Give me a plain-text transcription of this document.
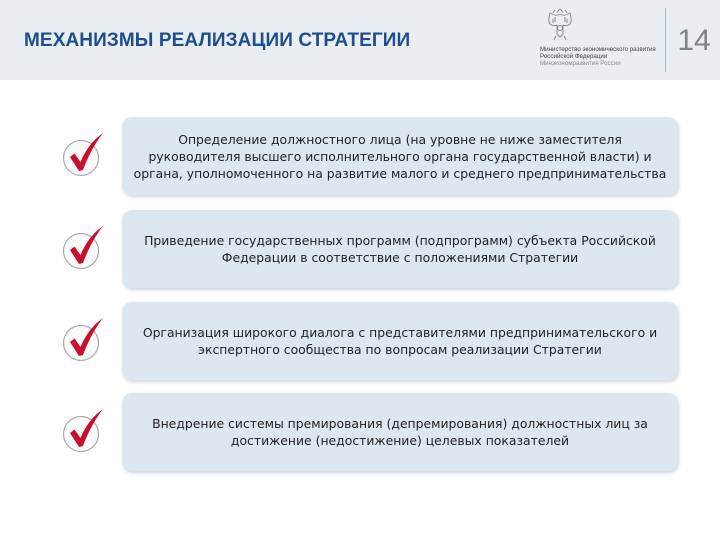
МЕХАНИЗМЫ РЕАЛИЗАЦИИ СТРАТЕГИИ	Министерство экономического развития
Российской Федерации
Минэкономразвития России
14
Определение должностного лица (на уровне не ниже заместителя руководителя высшего исполнительного органа государственной власти) и органа, уполномоченного на развитие малого и среднего предпринимательства
Приведение государственных программ (подпрограмм) субъекта Российской Федерации в соответствие с положениями Стратегии
Организация широкого диалога с представителями предпринимательского и экспертного сообщества по вопросам реализации Стратегии
Внедрение системы премирования (депремирования) должностных лиц за достижение (недостижение) целевых показателей
